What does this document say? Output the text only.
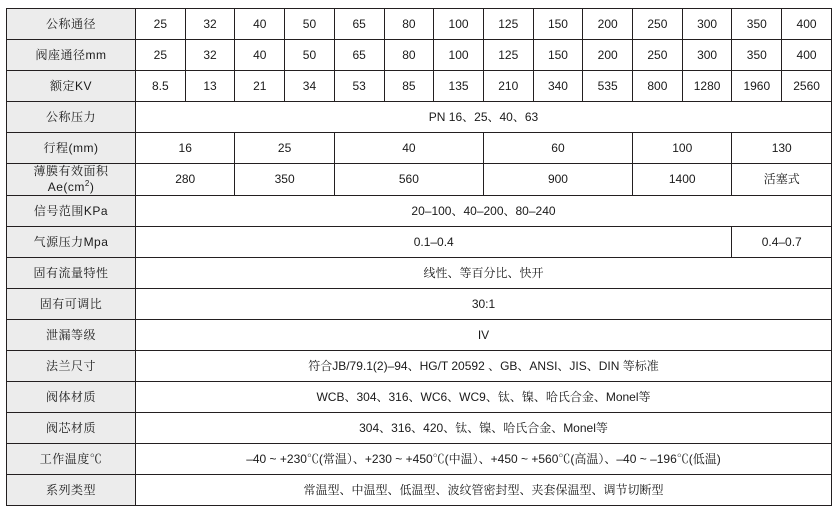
公称通径	25	32	40	50	65	80	100	125	150	200	250	300	350	400
阀座通径mm	25	32	40	50	65	80	100	125	150	200	250	300	350	400
额定KV	8.5	13	21	34	53	85	135	210	340	535	800	1280	1960	2560
公称压力	PN 16、25、40、63													
行程(mm)	16		25		40			60			100		130	

薄膜有效面积
$Ae(cm^2)$	280		350		560			900			1400		活塞式	
信号范围KPa	20–100、40–200、80–240													
气源压力Mpa	0.1–0.4												0.4–0.7	
固有流量特性	线性、等百分比、快开													
固有可调比	30:1													
泄漏等级	IV													
法兰尺寸	符合JB/79.1(2)–94、HG/T 20592 、GB、ANSI、JIS、DIN 等标准													
阀体材质	WCB、304、316、WC6、WC9、钛、镍、哈氏合金、Monel等													
阀芯材质	304、316、420、钛、镍、哈氏合金、Monel等													
工作温度℃	–40 ~ +230℃(常温）、+230 ~ +450℃(中温）、+450 ~ +560℃(高温）、–40 ~ –196℃(低温)													
系列类型	常温型、中温型、低温型、波纹管密封型、夹套保温型、调节切断型													
